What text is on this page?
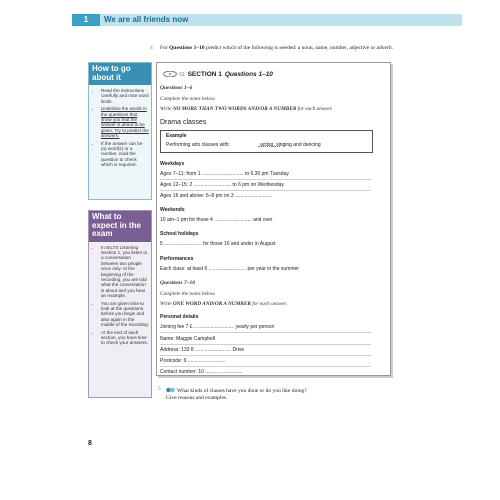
1	We are all friends now
How to go about it
• Read the instructions carefully and note word limits.
• Underline the words in the questions that show you that the answer is about to be given. Try to predict the answers.
• If the answer can be (a) word(s) or a number, read the question to check which is required.
What to expect in the exam
• In IELTS Listening Section 1, you listen to a conversation between two people once only. At the beginning of the recording, you are told what the conversation is about and you hear an example.
• You are given time to look at the questions before you begin and also again in the middle of the recording.
• At the end of each section, you have time to check your answers.
4 For Questions 1–10 predict which of the following is needed: a noun, name, number, adjective or adverb.
01 SECTION 1 Questions 1–10
Questions 1–6
Complete the notes below.
Write NO MORE THAN TWO WORDS AND/OR A NUMBER for each answer.
Drama classes
Example
Performing arts classes with:	acting, singing and dancing
Weekdays
Ages 7–11: from 1 .............................. to 6.30 pm Tuesday
Ages 12–15: 2 ........................... to 6 pm on Wednesday
Ages 16 and above: 6–8 pm on 3 ...........................
Weekends
10 am–1 pm for those 4 ........................... and over
School holidays
5 ........................... for those 16 and under in August
Performances
Each class: at least 6 ........................... per year in the summer
Questions 7–10
Complete the notes below.
Write ONE WORD AND/OR A NUMBER for each answer.
Personal details
Joining fee 7 £ ............................. yearly per person
Name: Maggie Campbell
Address: 133 8 .......................... Drive
Postcode: 9 ...........................
Contact number: 10 ...........................
5	What kinds of classes have you done or do you like doing?
Give reasons and examples.
8
